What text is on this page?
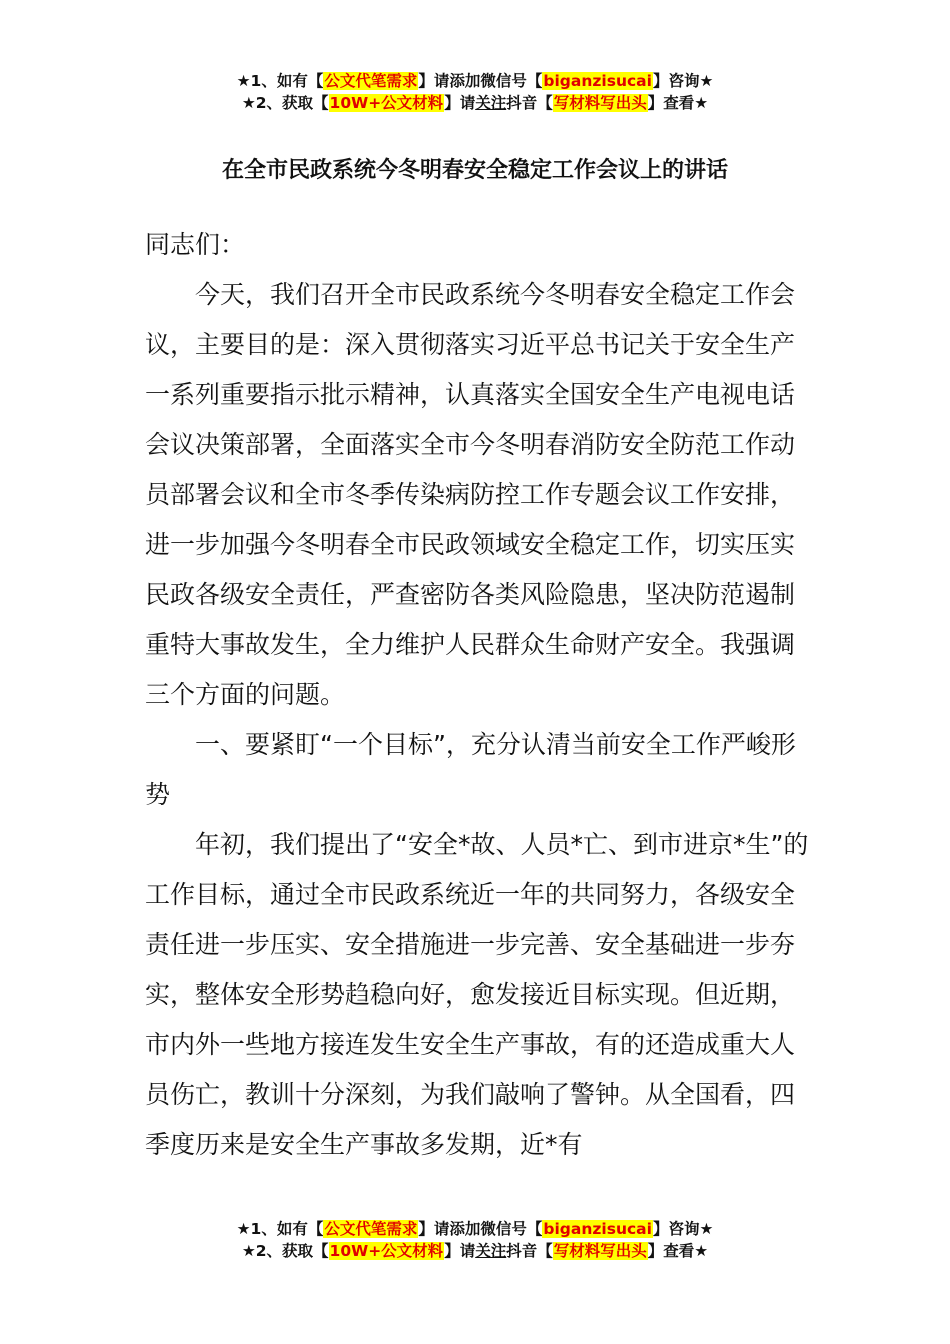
★1、如有【公文代笔需求】请添加微信号【biganzisucai】咨询★
★2、获取【10W+公文材料】请关注抖音【写材料写出头】查看★
在全市民政系统今冬明春安全稳定工作会议上的讲话

同志们：

今天，我们召开全市民政系统今冬明春安全稳定工作会议，主要目的是：深入贯彻落实习近平总书记关于安全生产一系列重要指示批示精神，认真落实全国安全生产电视电话会议决策部署，全面落实全市今冬明春消防安全防范工作动员部署会议和全市冬季传染病防控工作专题会议工作安排，进一步加强今冬明春全市民政领域安全稳定工作，切实压实民政各级安全责任，严查密防各类风险隐患，坚决防范遏制重特大事故发生，全力维护人民群众生命财产安全。我强调三个方面的问题。

一、要紧盯“一个目标”，充分认清当前安全工作严峻形势

年初，我们提出了“安全*故、人员*亡、到市进京*生”的工作目标，通过全市民政系统近一年的共同努力，各级安全责任进一步压实、安全措施进一步完善、安全基础进一步夯实，整体安全形势趋稳向好，愈发接近目标实现。但近期，市内外一些地方接连发生安全生产事故，有的还造成重大人员伤亡，教训十分深刻，为我们敲响了警钟。从全国看，四季度历来是安全生产事故多发期，近*有

★1、如有【公文代笔需求】请添加微信号【biganzisucai】咨询★
★2、获取【10W+公文材料】请关注抖音【写材料写出头】查看★
